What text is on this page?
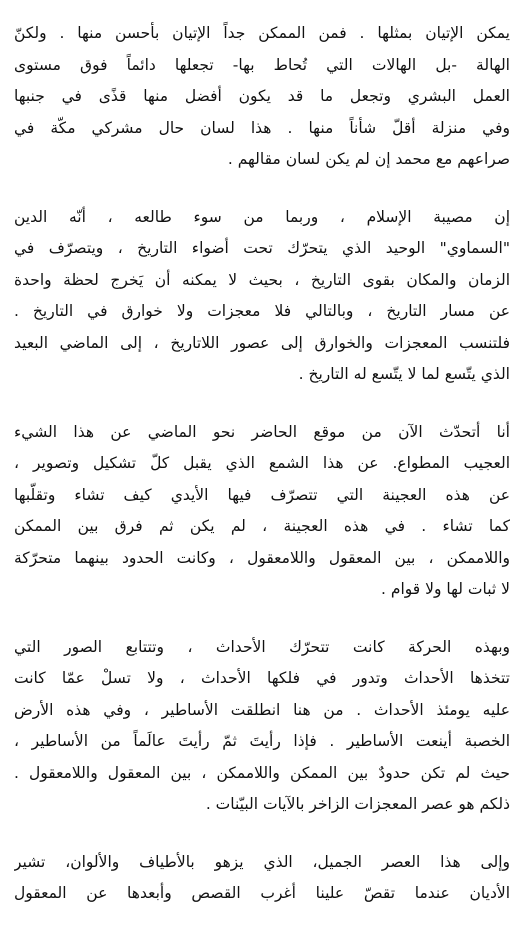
يمكن الإتيان بمثلها . فمن الممكن جداً الإتيان بأحسن منها . ولكنّ
الهالة -بل الهالات التي تُحاط بها- تجعلها دائماً فوق مستوى
العمل البشري وتجعل ما قد يكون أفضل منها قذًى في جنبها
وفي منزلة أقلّ شأناً منها . هذا لسان حال مشركي مكّة في
صراعهم مع محمد إن لم يكن لسان مقالهم .
إن مصيبة الإسلام ، وربما من سوء طالعه ، أنّه الدين
"السماوي" الوحيد الذي يتحرّك تحت أضواء التاريخ ، ويتصرّف في
الزمان والمكان بقوى التاريخ ، بحيث لا يمكنه أن يَخرج لحظة واحدة
عن مسار التاريخ ، وبالتالي فلا معجزات ولا خوارق في التاريخ .
فلتنسب المعجزات والخوارق إلى عصور اللاتاريخ ، إلى الماضي البعيد
الذي يتّسع لما لا يتّسع له التاريخ .
أنا أتحدّث الآن من موقع الحاضر نحو الماضي عن هذا الشيء
العجيب المطواع. عن هذا الشمع الذي يقبل كلّ تشكيل وتصوير ،
عن هذه العجينة التي تتصرّف فيها الأيدي كيف تشاء وتقلّبها
كما تشاء . في هذه العجينة ، لم يكن ثم فرق بين الممكن
واللاممكن ، بين المعقول واللامعقول ، وكانت الحدود بينهما متحرّكة
لا ثبات لها ولا قوام .
وبهذه الحركة كانت تتحرّك الأحداث ، وتتتابع الصور التي
تتخذها الأحداث وتدور في فلكها الأحداث ، ولا تسلْ عمّا كانت
عليه يومئذ الأحداث . من هنا انطلقت الأساطير ، وفي هذه الأرض
الخصبة أينعت الأساطير . فإذا رأيتَ ثمّ رأيتَ عالَماً من الأساطير ،
حيث لم تكن حدودٌ بين الممكن واللاممكن ، بين المعقول واللامعقول .
ذلكم هو عصر المعجزات الزاخر بالآيات البيّنات .
وإلى هذا العصر الجميل، الذي يزهو بالأطياف والألوان، تشير
الأديان عندما تقصّ علينا أغرب القصص وأبعدها عن المعقول
